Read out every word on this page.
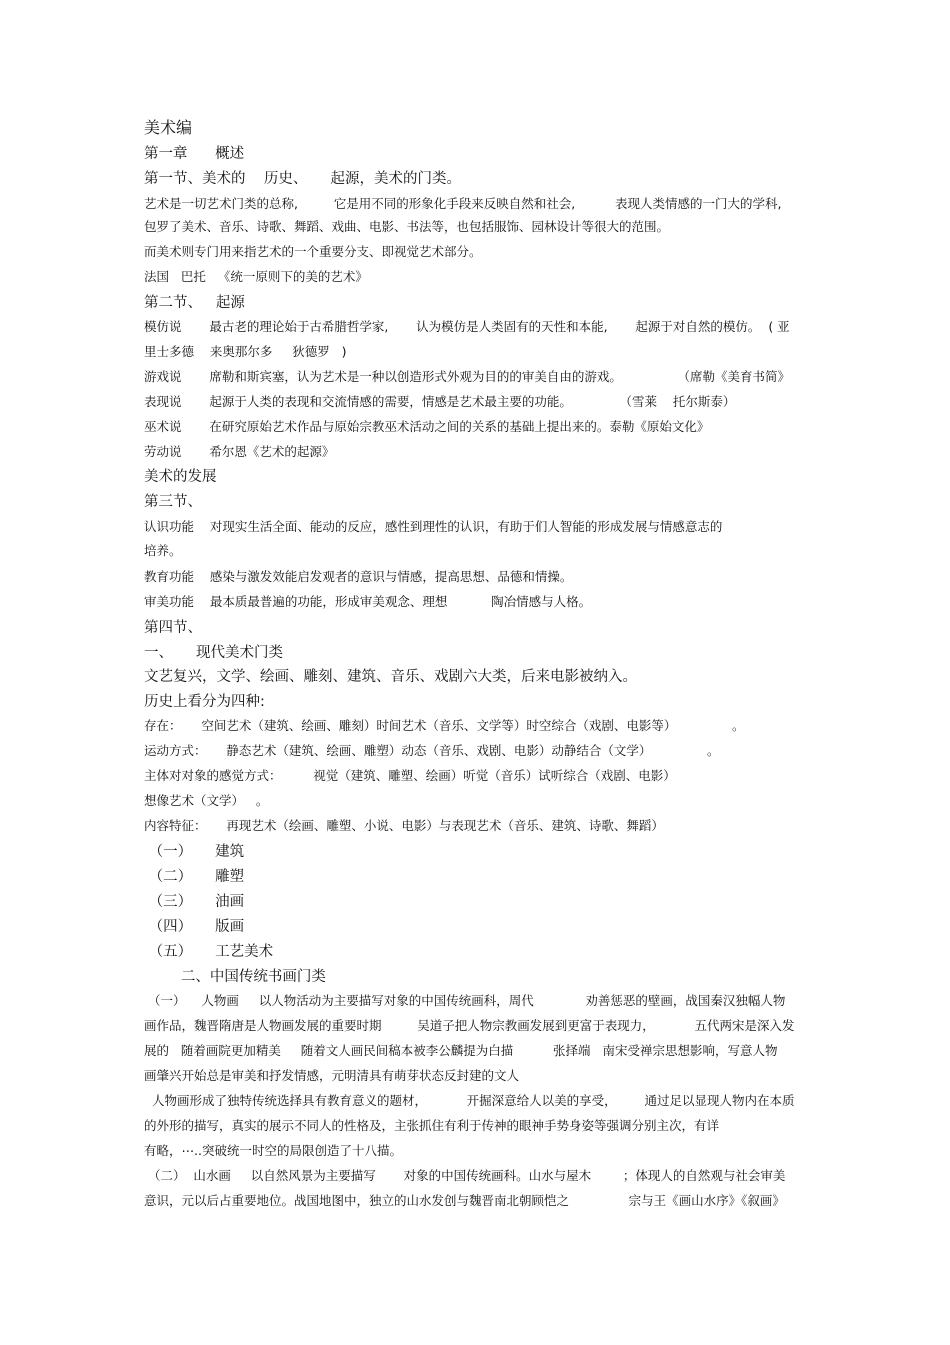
美术编
第一章      概述
第一节、美术的    历史、     起源，美术的门类。
艺术是一切艺术门类的总称,         它是用不同的形象化手段来反映自然和社会,          表现人类情感的一门大的学科,
包罗了美术、音乐、诗歌、舞蹈、戏曲、电影、书法等，也包括服饰、园林设计等很大的范围。
而美术则专门用来指艺术的一个重要分支、即视觉艺术部分。
法国   巴托   《统一原则下的美的艺术》
第二节、   起源
模仿说       最古老的理论始于古希腊哲学家,       认为模仿是人类固有的天性和本能,       起源于对自然的模仿。  ( 亚
里士多德    来奥那尔多     狄德罗   )
游戏说       席勒和斯宾塞，认为艺术是一种以创造形式外观为目的的审美自由的游戏。              （席勒《美育书简》
表现说       起源于人类的表现和交流情感的需要，情感是艺术最主要的功能。            （雪莱    托尔斯泰）
巫术说       在研究原始艺术作品与原始宗教巫术活动之间的关系的基础上提出来的。泰勒《原始文化》
劳动说       希尔恩《艺术的起源》
美术的发展
第三节、
认识功能    对现实生活全面、能动的反应，感性到理性的认识，有助于们人智能的形成发展与情感意志的
培养。
教育功能    感染与激发效能启发观者的意识与情感，提高思想、品德和情操。
审美功能    最本质最普遍的功能，形成审美观念、理想           陶冶情感与人格。
第四节、
一、     现代美术门类
文艺复兴，文学、绘画、雕刻、建筑、音乐、戏剧六大类，后来电影被纳入。
历史上看分为四种:
存在：     空间艺术（建筑、绘画、雕刻）时间艺术（音乐、文学等）时空综合（戏剧、电影等）              。
运动方式：     静态艺术（建筑、绘画、雕塑）动态（音乐、戏剧、电影）动静结合（文学）              。
主体对对象的感觉方式：        视觉（建筑、雕塑、绘画）听觉（音乐）试听综合（戏剧、电影）
想像艺术（文学）   。
内容特征：     再现艺术（绘画、雕塑、小说、电影）与表现艺术（音乐、建筑、诗歌、舞蹈）
（一）     建筑
（二）     雕塑
（三）     油画
（四）     版画
（五）     工艺美术
二、中国传统书画门类
（一）    人物画     以人物活动为主要描写对象的中国传统画科，周代             劝善惩恶的壁画，战国秦汉独幅人物
画作品，魏晋隋唐是人物画发展的重要时期         吴道子把人物宗教画发展到更富于表现力，          五代两宋是深入发
展的   随着画院更加精美     随着文人画民间稿本被李公麟提为白描          张择端   南宋受禅宗思想影响，写意人物
画肇兴开始总是审美和抒发情感，元明清具有萌芽状态反封建的文人
人物画形成了独特传统选择具有教育意义的题材，          开掘深意给人以美的享受，       通过足以显现人物内在本质
的外形的描写，真实的展示不同人的性格及，主张抓住有利于传神的眼神手势身姿等强调分别主次，有详
有略，⋯..突破统一时空的局限创造了十八描。
（二）  山水画     以自然风景为主要描写       对象的中国传统画科。山水与屋木        ；体现人的自然观与社会审美
意识，元以后占重要地位。战国地图中，独立的山水发创与魏晋南北朝顾恺之               宗与王《画山水序》《叙画》
